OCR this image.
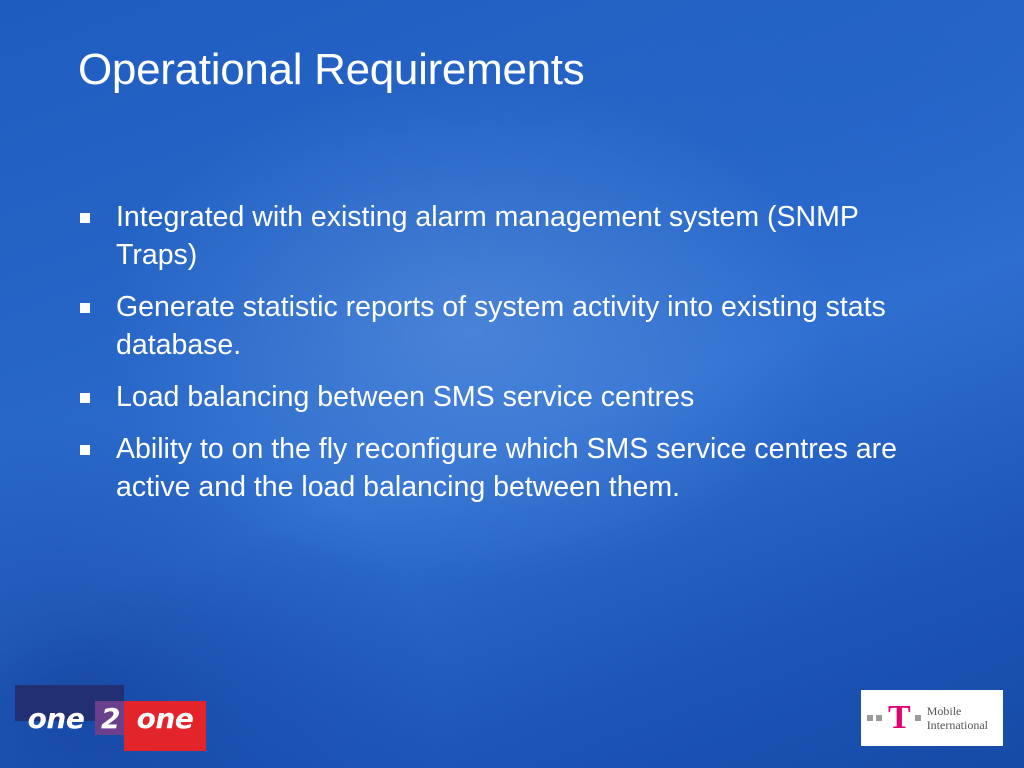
Operational Requirements
Integrated with existing alarm management system (SNMP Traps)
Generate statistic reports of system activity into existing stats database.
Load balancing between SMS service centres
Ability to on the fly reconfigure which SMS service centres are active and the load balancing between them.
one 2 one	T Mobile
International
